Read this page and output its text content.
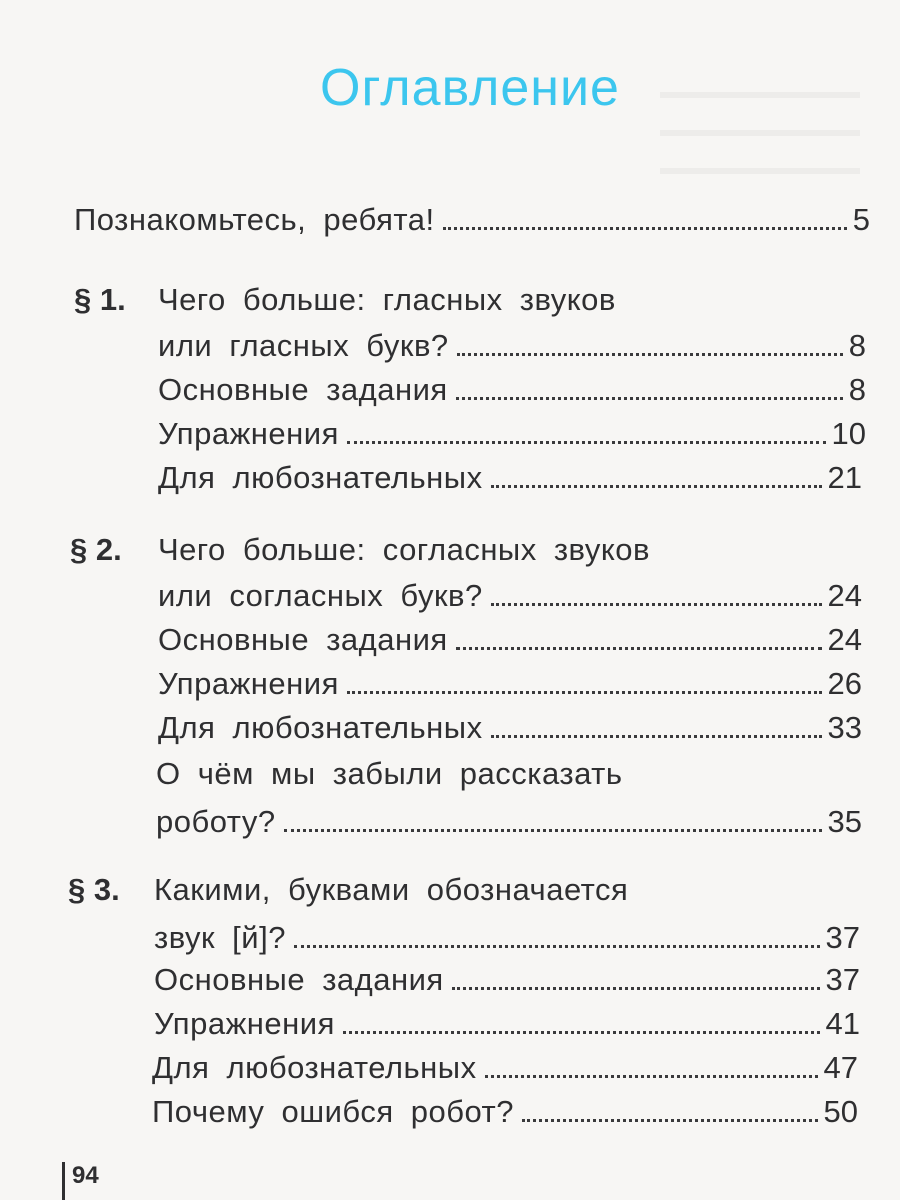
Оглавление
Познакомьтесь, ребята!	5
§ 1. Чего больше: гласных звуков
или гласных букв?	8
Основные задания	8
Упражнения	10
Для любознательных	21
§ 2. Чего больше: согласных звуков
или согласных букв?	24
Основные задания	24
Упражнения	26
Для любознательных	33
О чём мы забыли рассказать
роботу?	35
§ 3. Какими, буквами обозначается
звук [й]?	37
Основные задания	37
Упражнения	41
Для любознательных	47
Почему ошибся робот?	50
94
